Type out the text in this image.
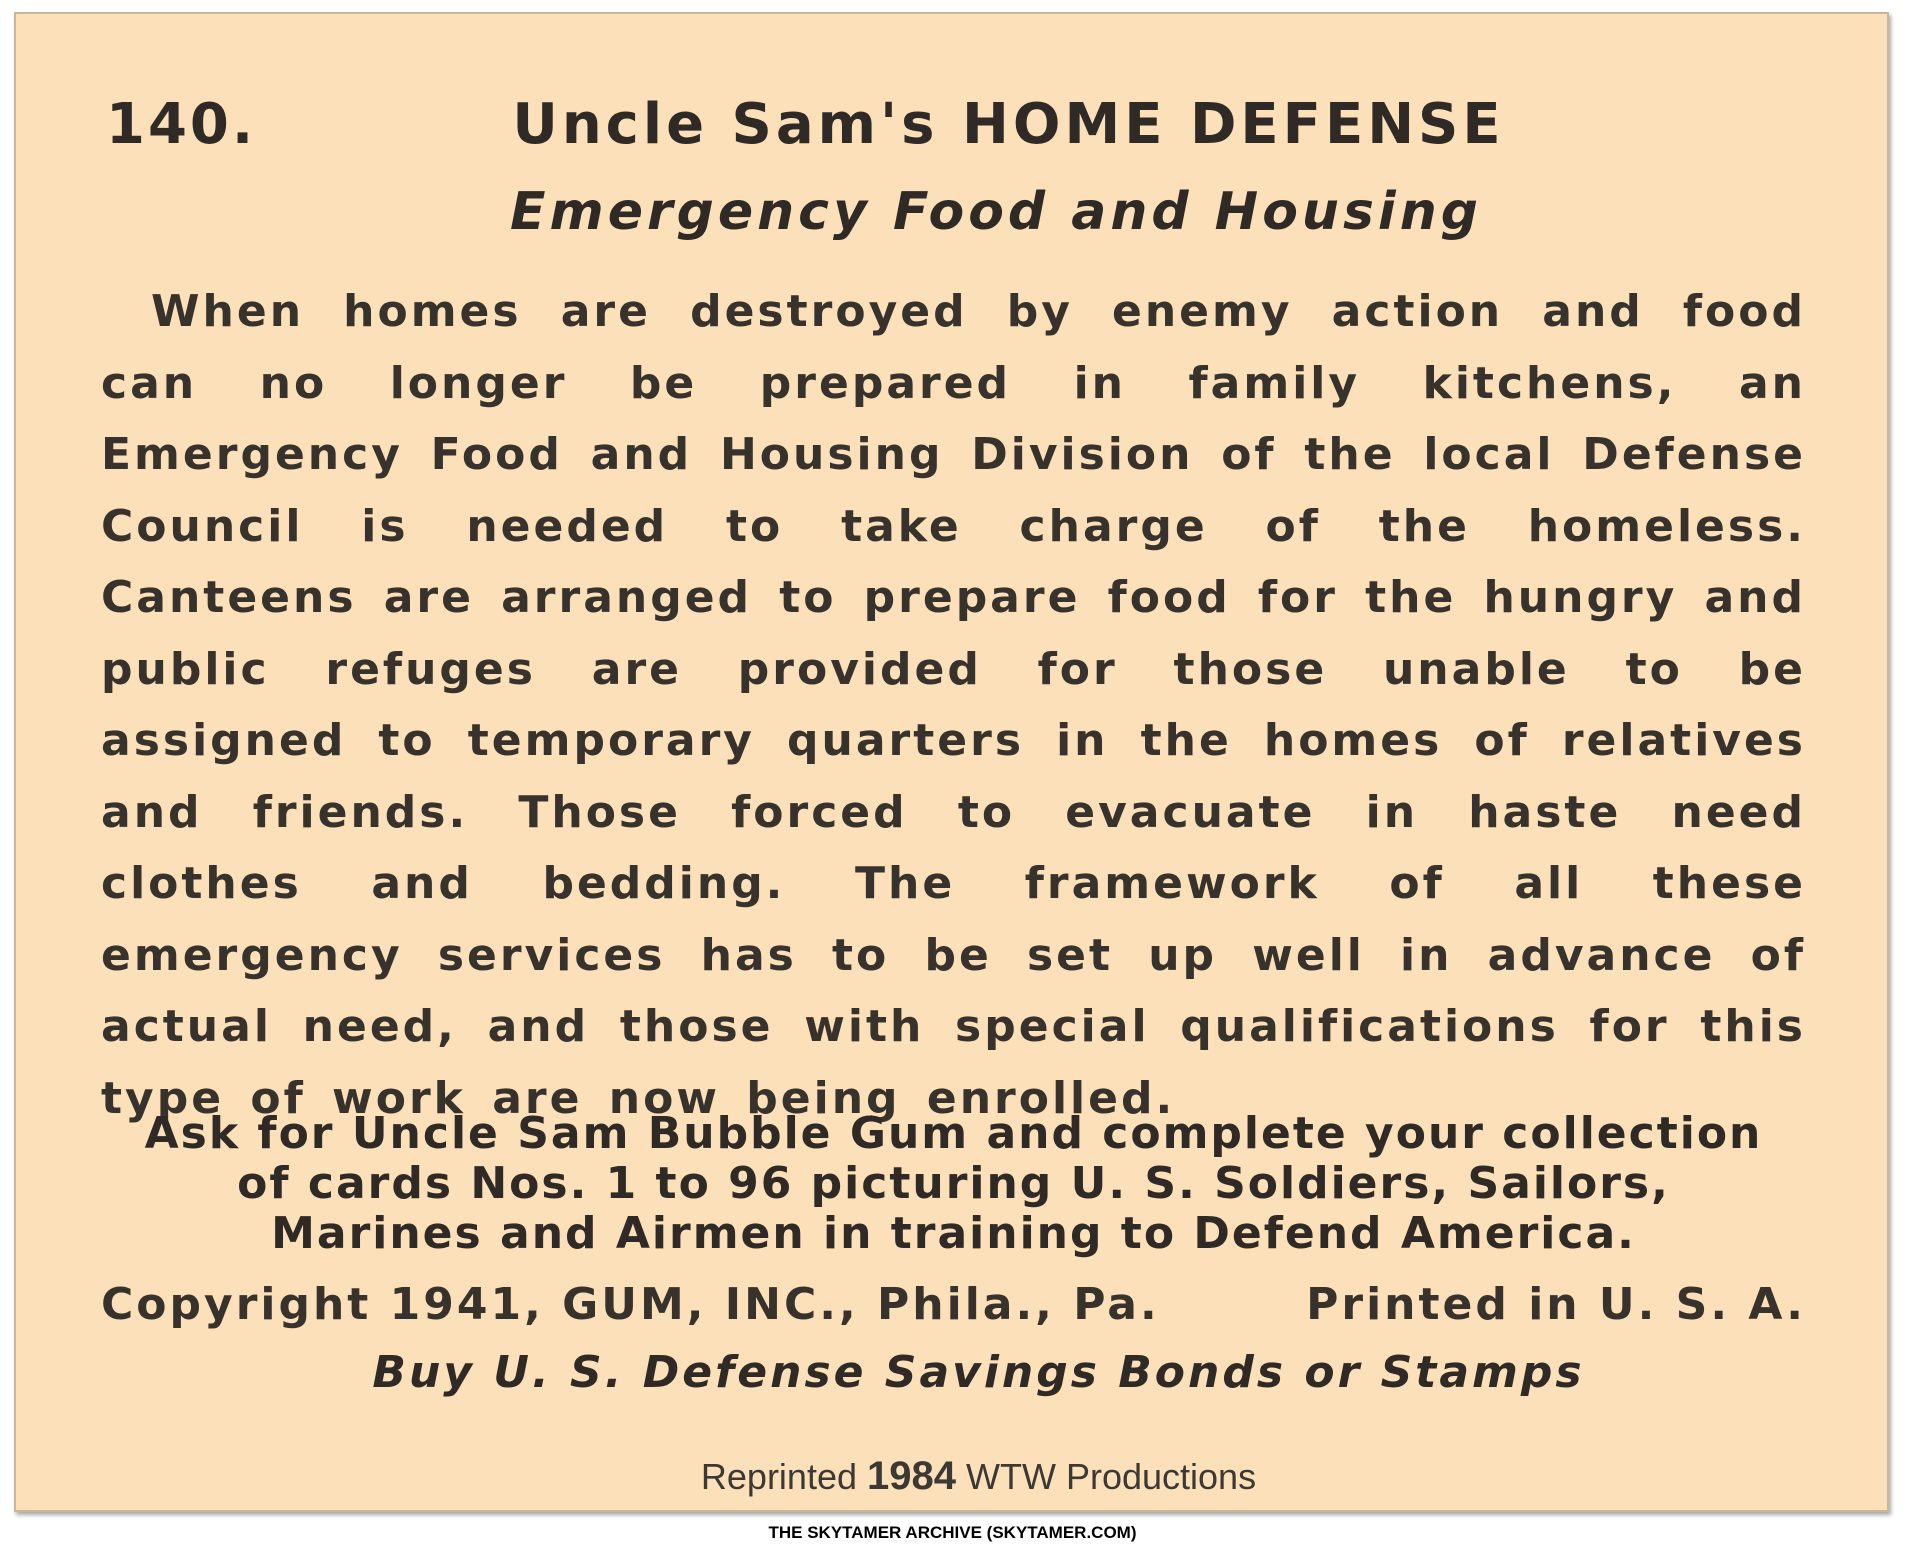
140.	Uncle Sam's HOME DEFENSE
Emergency Food and Housing

When homes are destroyed by enemy action and food can no longer be prepared in family kitchens, an Emergency Food and Housing Division of the local Defense Council is needed to take charge of the homeless. Canteens are arranged to prepare food for the hungry and public refuges are provided for those unable to be assigned to temporary quarters in the homes of relatives and friends. Those forced to evacuate in haste need clothes and bedding. The framework of all these emergency services has to be set up well in advance of actual need, and those with special qualifications for this type of work are now being enrolled.

Ask for Uncle Sam Bubble Gum and complete your collection
of cards Nos. 1 to 96 picturing U. S. Soldiers, Sailors,
Marines and Airmen in training to Defend America.

Copyright 1941, GUM, INC., Phila., Pa.	Printed in U. S. A.

Buy U. S. Defense Savings Bonds or Stamps

Reprinted 1984 WTW Productions

THE SKYTAMER ARCHIVE (SKYTAMER.COM)
